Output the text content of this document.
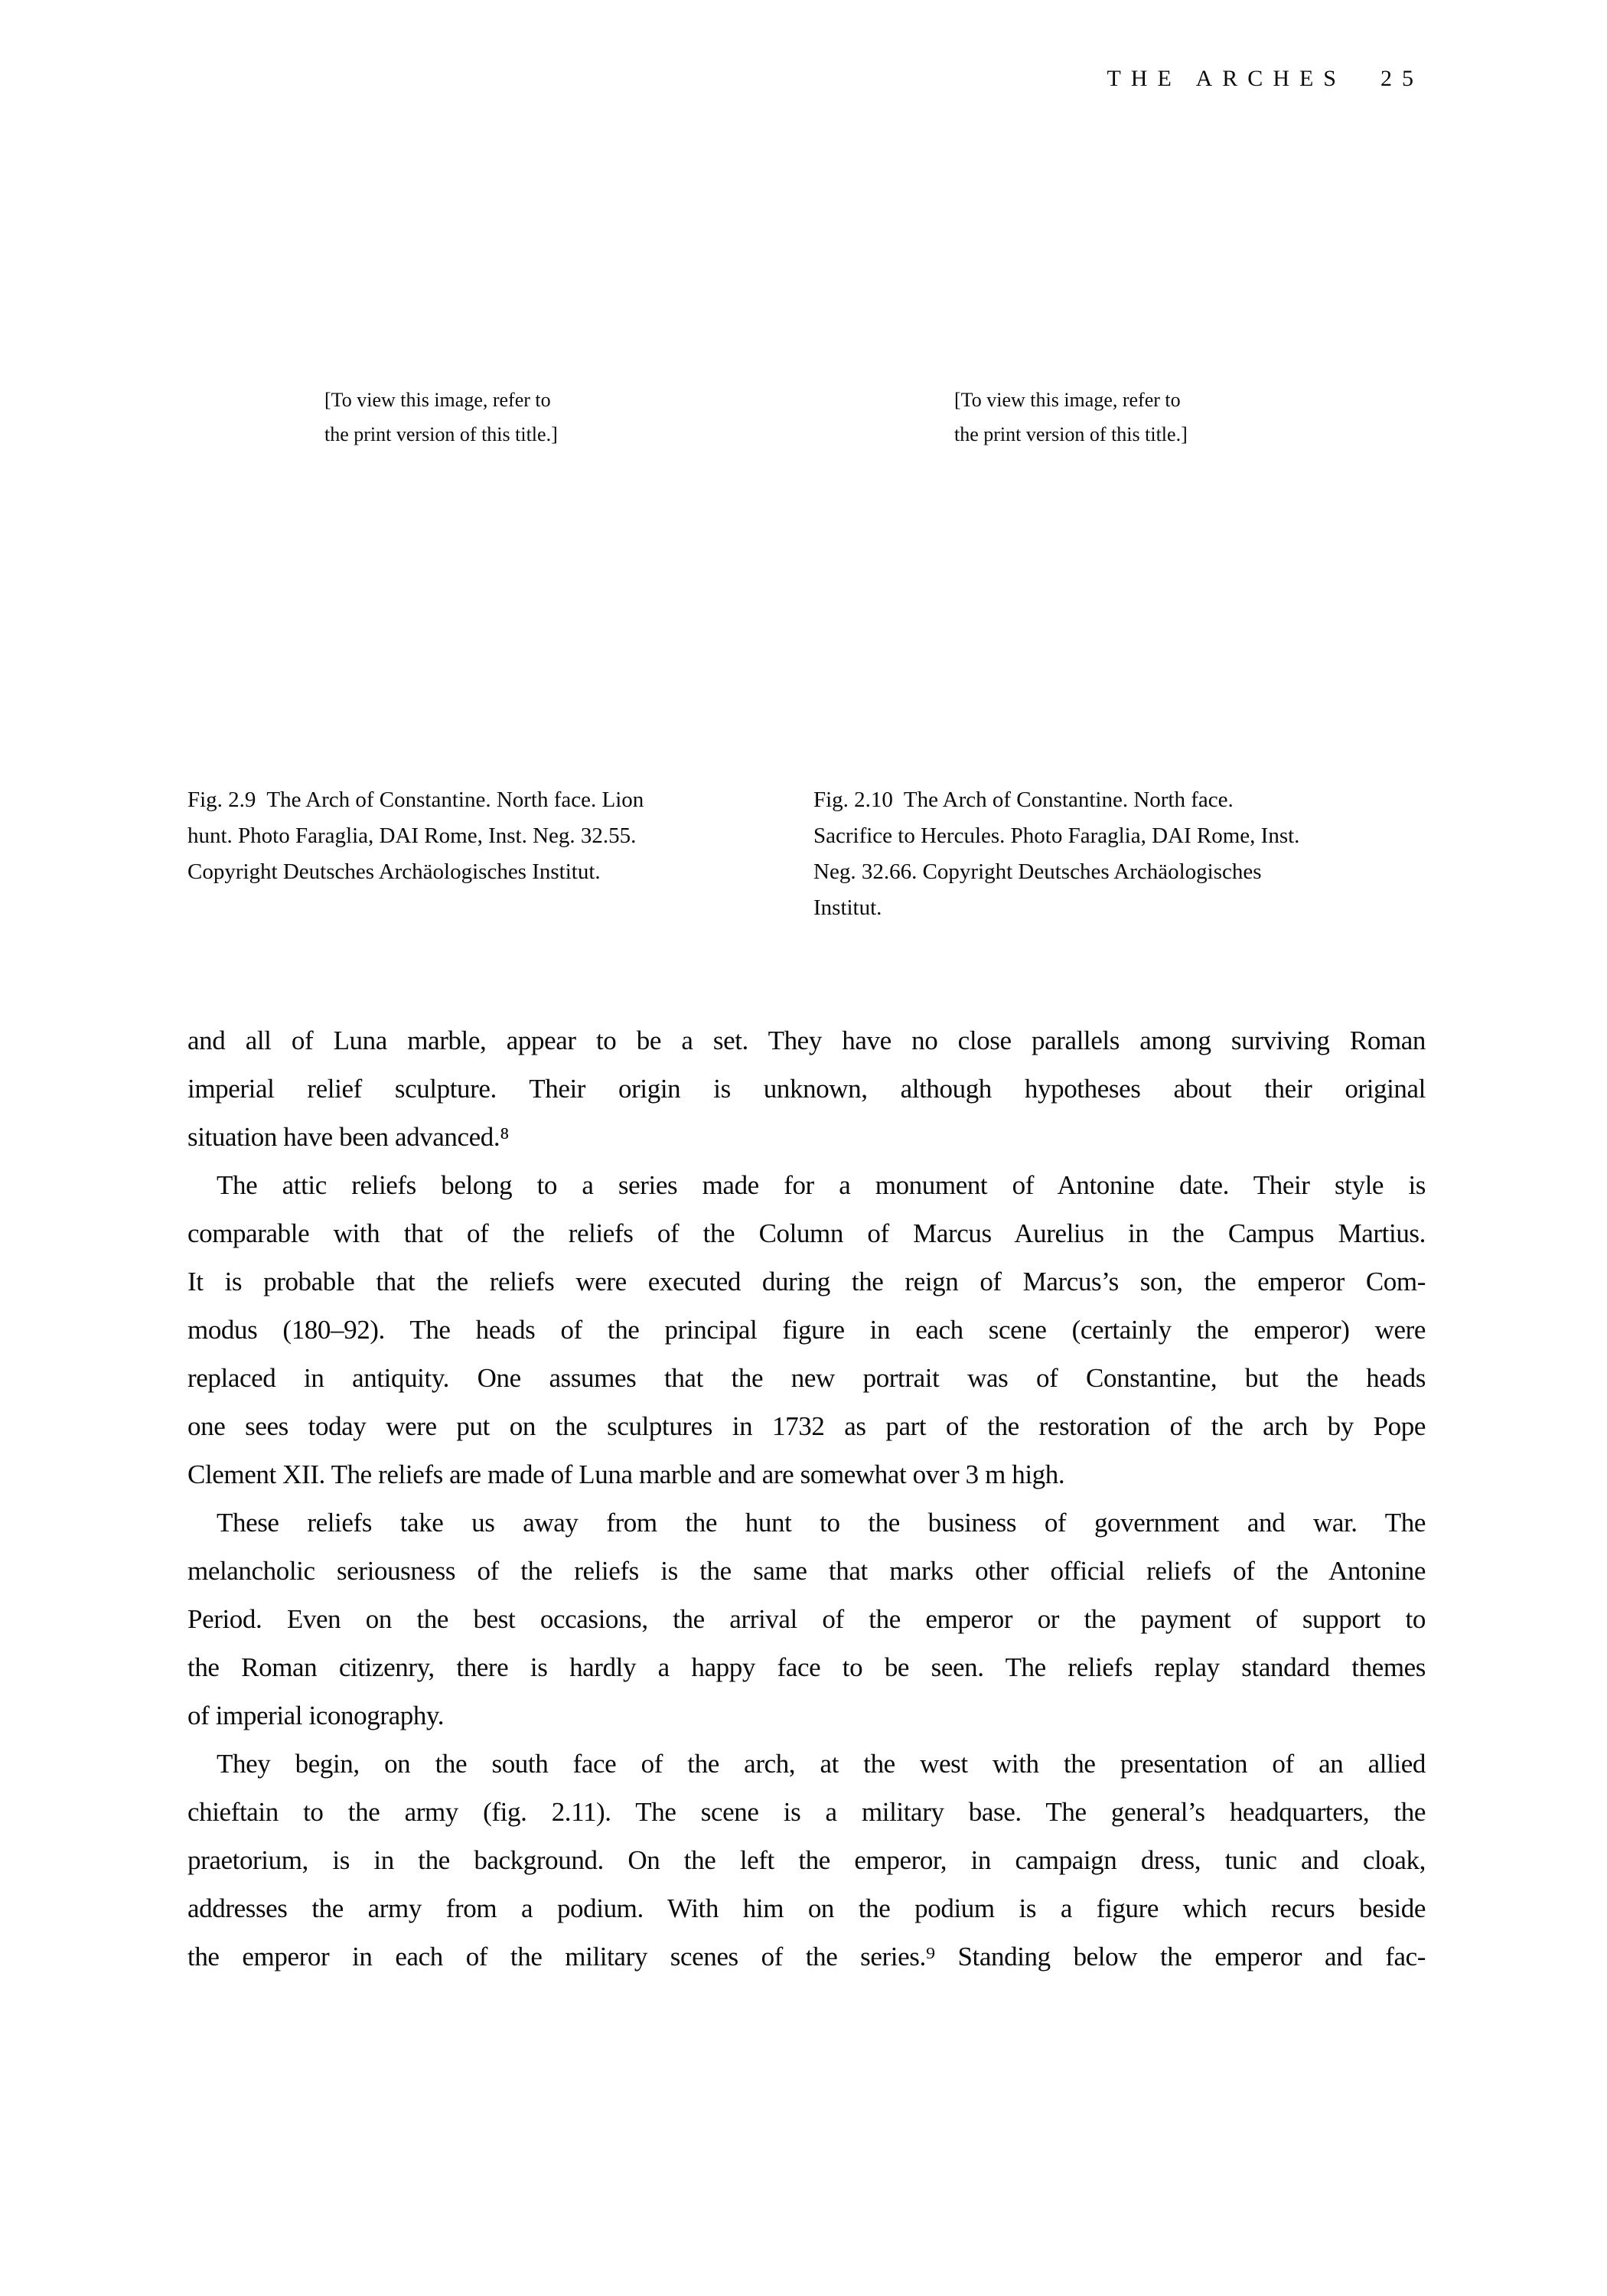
THE ARCHES 25
[To view this image, refer to
the print version of this title.]
[To view this image, refer to
the print version of this title.]
Fig. 2.9  The Arch of Constantine. North face. Lion
hunt. Photo Faraglia, DAI Rome, Inst. Neg. 32.55.
Copyright Deutsches Archäologisches Institut.
Fig. 2.10  The Arch of Constantine. North face.
Sacrifice to Hercules. Photo Faraglia, DAI Rome, Inst.
Neg. 32.66. Copyright Deutsches Archäologisches
Institut.
and all of Luna marble, appear to be a set. They have no close parallels among surviving Roman
imperial relief sculpture. Their origin is unknown, although hypotheses about their original
situation have been advanced.⁸
The attic reliefs belong to a series made for a monument of Antonine date. Their style is
comparable with that of the reliefs of the Column of Marcus Aurelius in the Campus Martius.
It is probable that the reliefs were executed during the reign of Marcus’s son, the emperor Com-
modus (180–92). The heads of the principal figure in each scene (certainly the emperor) were
replaced in antiquity. One assumes that the new portrait was of Constantine, but the heads
one sees today were put on the sculptures in 1732 as part of the restoration of the arch by Pope
Clement XII. The reliefs are made of Luna marble and are somewhat over 3 m high.
These reliefs take us away from the hunt to the business of government and war. The
melancholic seriousness of the reliefs is the same that marks other official reliefs of the Antonine
Period. Even on the best occasions, the arrival of the emperor or the payment of support to
the Roman citizenry, there is hardly a happy face to be seen. The reliefs replay standard themes
of imperial iconography.
They begin, on the south face of the arch, at the west with the presentation of an allied
chieftain to the army (fig. 2.11). The scene is a military base. The general’s headquarters, the
praetorium, is in the background. On the left the emperor, in campaign dress, tunic and cloak,
addresses the army from a podium. With him on the podium is a figure which recurs beside
the emperor in each of the military scenes of the series.⁹ Standing below the emperor and fac-
